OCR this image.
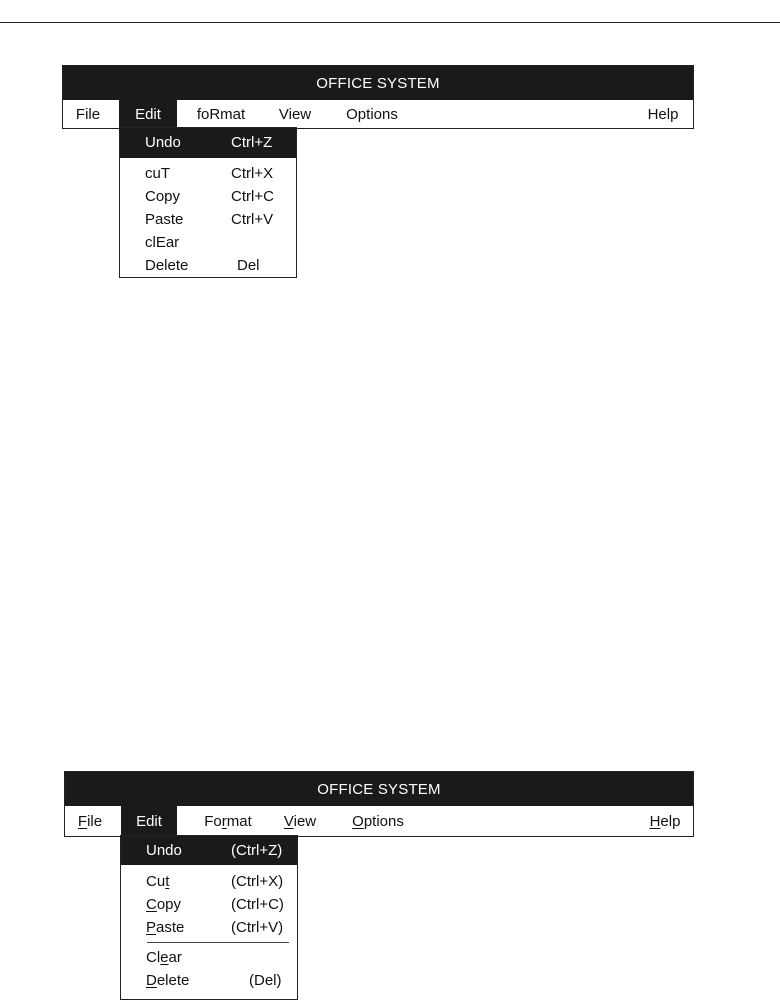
OFFICE SYSTEM
File	Edit	foRmat	View	Options	Help
Undo	Ctrl+Z
cuT	Ctrl+X
Copy	Ctrl+C
Paste	Ctrl+V
clEar
Delete	Del
OFFICE SYSTEM
File Edit	Format View Options	Help
Undo	(Ctrl+Z)
Cut	(Ctrl+X)
Copy	(Ctrl+C)
Paste	(Ctrl+V)
Clear
Delete	(Del)
